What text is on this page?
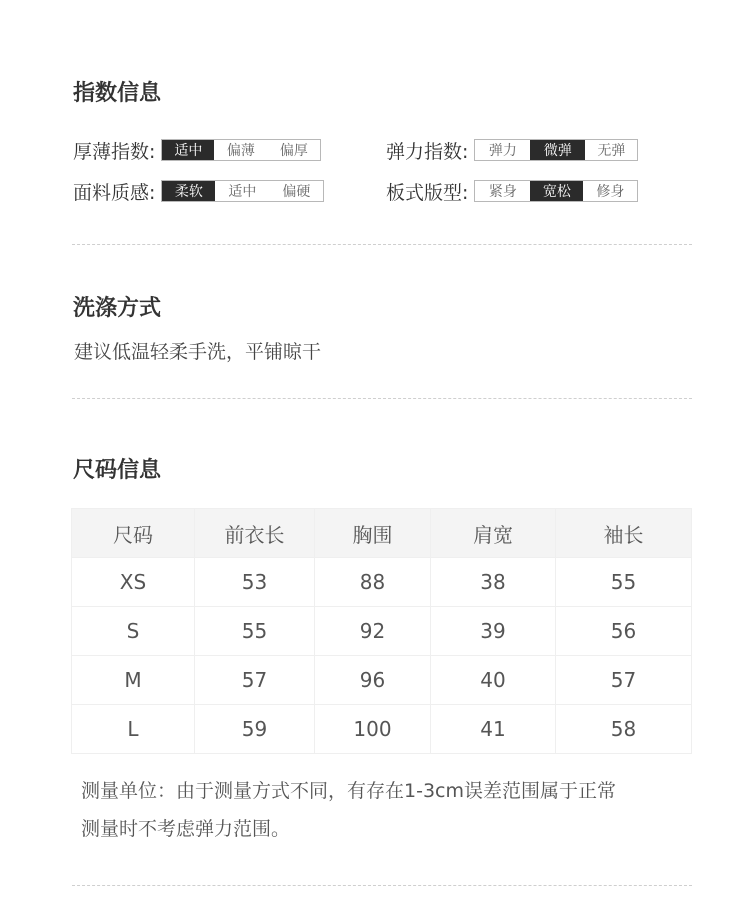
指数信息
厚薄指数:	适中	偏薄	偏厚	弹力指数:	弹力	微弹	无弹
面料质感:	柔软	适中	偏硬	板式版型:	紧身	宽松	修身
洗涤方式
建议低温轻柔手洗，平铺晾干
尺码信息
尺码	前衣长	胸围	肩宽	袖长
XS	53	88	38	55
S	55	92	39	56
M	57	96	40	57
L	59	100	41	58
测量单位：由于测量方式不同，有存在1-3cm误差范围属于正常
测量时不考虑弹力范围。
